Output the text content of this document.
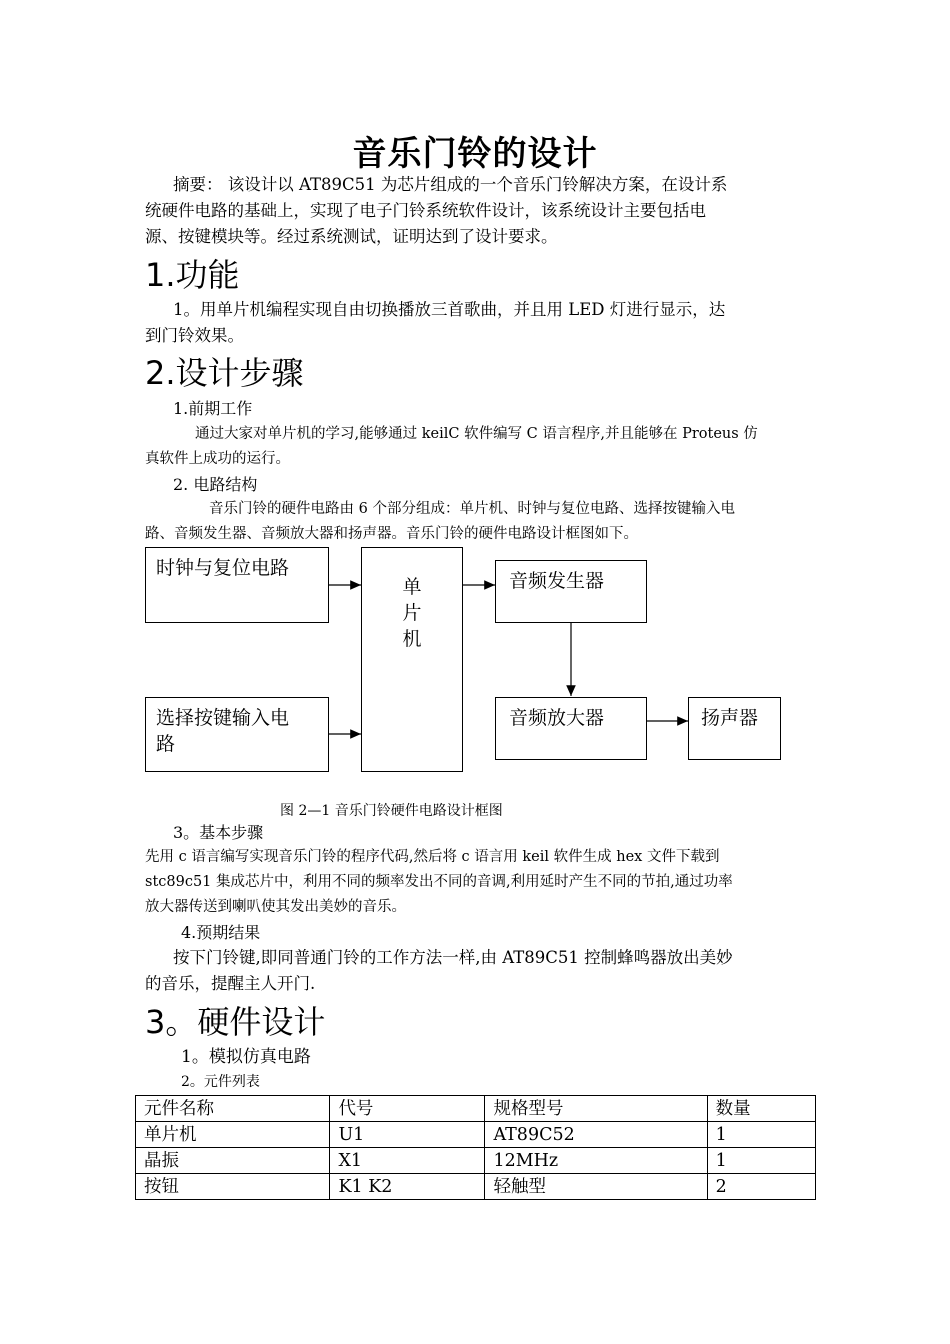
音乐门铃的设计
摘要： 该设计以 AT89C51 为芯片组成的一个音乐门铃解决方案，在设计系
统硬件电路的基础上，实现了电子门铃系统软件设计，该系统设计主要包括电
源、按键模块等。经过系统测试，证明达到了设计要求。
1.功能
1。用单片机编程实现自由切换播放三首歌曲，并且用 LED 灯进行显示，达
到门铃效果。
2.设计步骤
1.前期工作
通过大家对单片机的学习,能够通过 keilC 软件编写 C 语言程序,并且能够在 Proteus 仿
真软件上成功的运行。
2. 电路结构
音乐门铃的硬件电路由 6 个部分组成：单片机、时钟与复位电路、选择按键输入电
路、音频发生器、音频放大器和扬声器。音乐门铃的硬件电路设计框图如下。
时钟与复位电路
选择按键输入电
路
单
片
机
音频发生器
音频放大器	扬声器
图 2—1 音乐门铃硬件电路设计框图
3。基本步骤
先用 c 语言编写实现音乐门铃的程序代码,然后将 c 语言用 keil 软件生成 hex 文件下载到
stc89c51 集成芯片中，利用不同的频率发出不同的音调,利用延时产生不同的节拍,通过功率
放大器传送到喇叭使其发出美妙的音乐。
4.预期结果
按下门铃键,即同普通门铃的工作方法一样,由 AT89C51 控制蜂鸣器放出美妙
的音乐，提醒主人开门.
3。硬件设计
1。模拟仿真电路
2。元件列表
元件名称	代号	规格型号	数量
单片机	U1	AT89C52	1
晶振	X1	12MHz	1
按钮	K1 K2	轻触型	2
